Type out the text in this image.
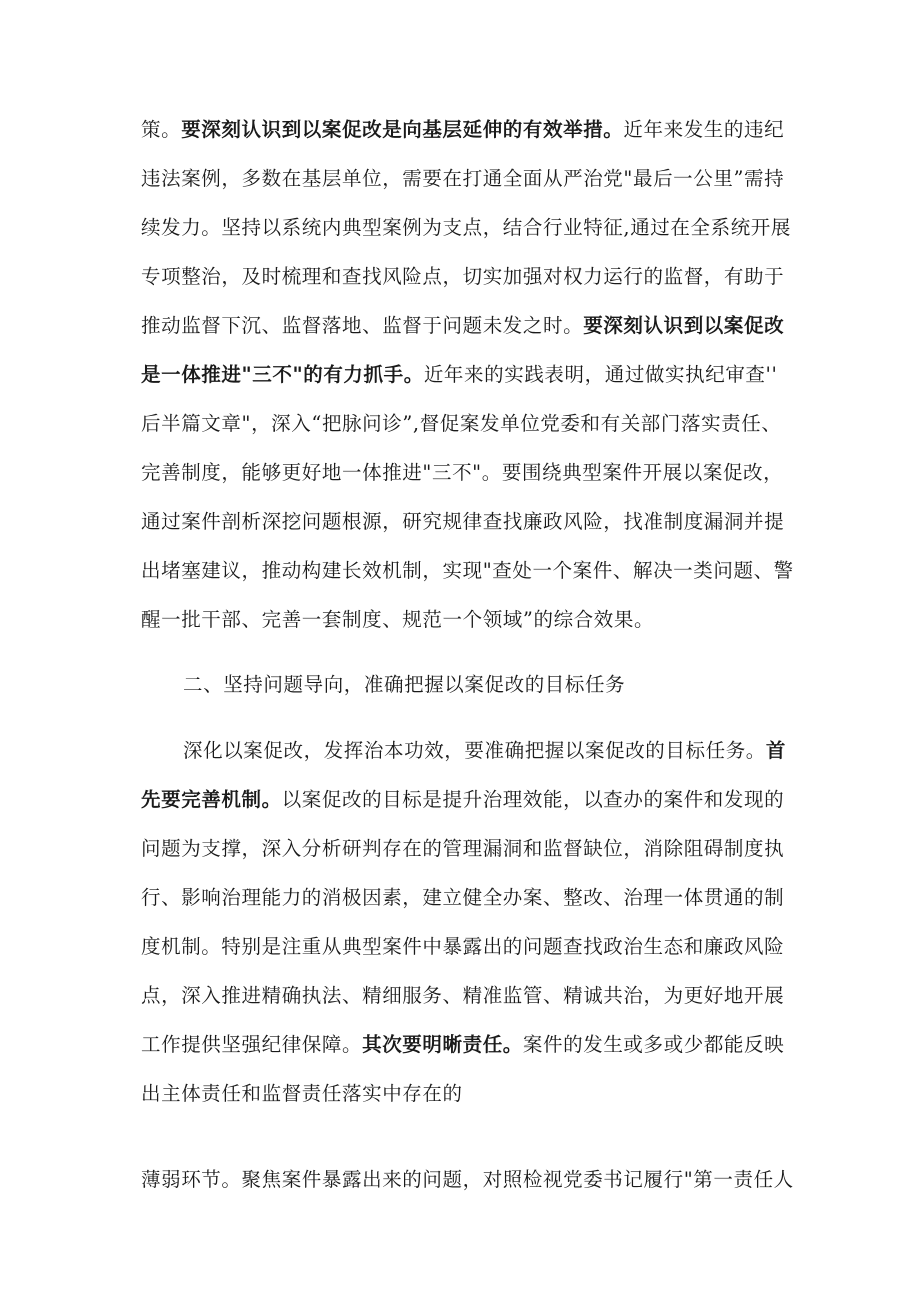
策。要深刻认识到以案促改是向基层延伸的有效举措。近年来发生的违纪
违法案例，多数在基层单位，需要在打通全面从严治党"最后一公里”需持
续发力。坚持以系统内典型案例为支点，结合行业特征,通过在全系统开展
专项整治，及时梳理和查找风险点，切实加强对权力运行的监督，有助于
推动监督下沉、监督落地、监督于问题未发之时。要深刻认识到以案促改
是一体推进"三不"的有力抓手。近年来的实践表明，通过做实执纪审查''
后半篇文章"，深入“把脉问诊”,督促案发单位党委和有关部门落实责任、
完善制度，能够更好地一体推进"三不"。要围绕典型案件开展以案促改，
通过案件剖析深挖问题根源，研究规律查找廉政风险，找准制度漏洞并提
出堵塞建议，推动构建长效机制，实现"查处一个案件、解决一类问题、警
醒一批干部、完善一套制度、规范一个领域”的综合效果。
二、坚持问题导向，准确把握以案促改的目标任务
深化以案促改，发挥治本功效，要准确把握以案促改的目标任务。首
先要完善机制。以案促改的目标是提升治理效能，以查办的案件和发现的
问题为支撑，深入分析研判存在的管理漏洞和监督缺位，消除阻碍制度执
行、影响治理能力的消极因素，建立健全办案、整改、治理一体贯通的制
度机制。特别是注重从典型案件中暴露出的问题查找政治生态和廉政风险
点，深入推进精确执法、精细服务、精准监管、精诚共治，为更好地开展
工作提供坚强纪律保障。其次要明晰责任。案件的发生或多或少都能反映
出主体责任和监督责任落实中存在的
薄弱环节。聚焦案件暴露出来的问题，对照检视党委书记履行"第一责任人
